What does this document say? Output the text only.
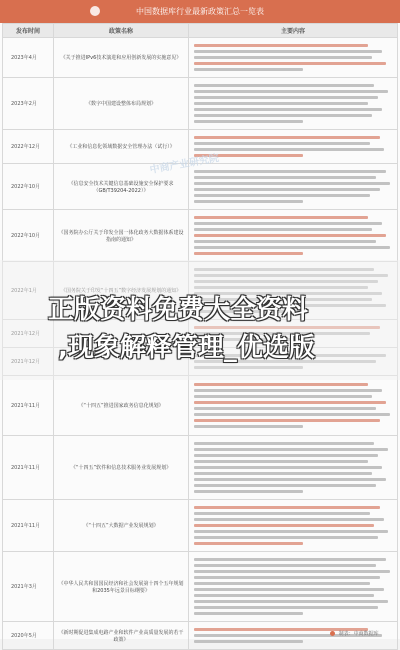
中国数据库行业最新政策汇总一览表
发布时间	政策名称	主要内容
2023年4月	《关于推进IPv6技术演进和应用创新发展的实施意见》	

2023年2月	《数字中国建设整体布局规划》	

2022年12月	《工业和信息化领域数据安全管理办法（试行）》	

2022年10月	《信息安全技术关键信息基础设施安全保护要求（GB/T39204-2022）》	

2022年10月	《国务院办公厅关于印发全国一体化政务大数据体系建设指南的通知》	

2022年1月	《国务院关于印发“十四五”数字经济发展规划的通知》	

2021年12月		

2021年12月		

2021年11月	《“十四五”推进国家政务信息化规划》	

2021年11月	《“十四五”软件和信息技术服务业发展规划》	

2021年11月	《“十四五”大数据产业发展规划》	

2021年3月	《中华人民共和国国民经济和社会发展第十四个五年规划和2035年远景目标纲要》	

2020年5月	《新时期促进集成电路产业和软件产业高质量发展的若干政策》	
中商产业研究院
制表：中商数据库
正版资料免费大全资料
,现象解释管理_优选版
